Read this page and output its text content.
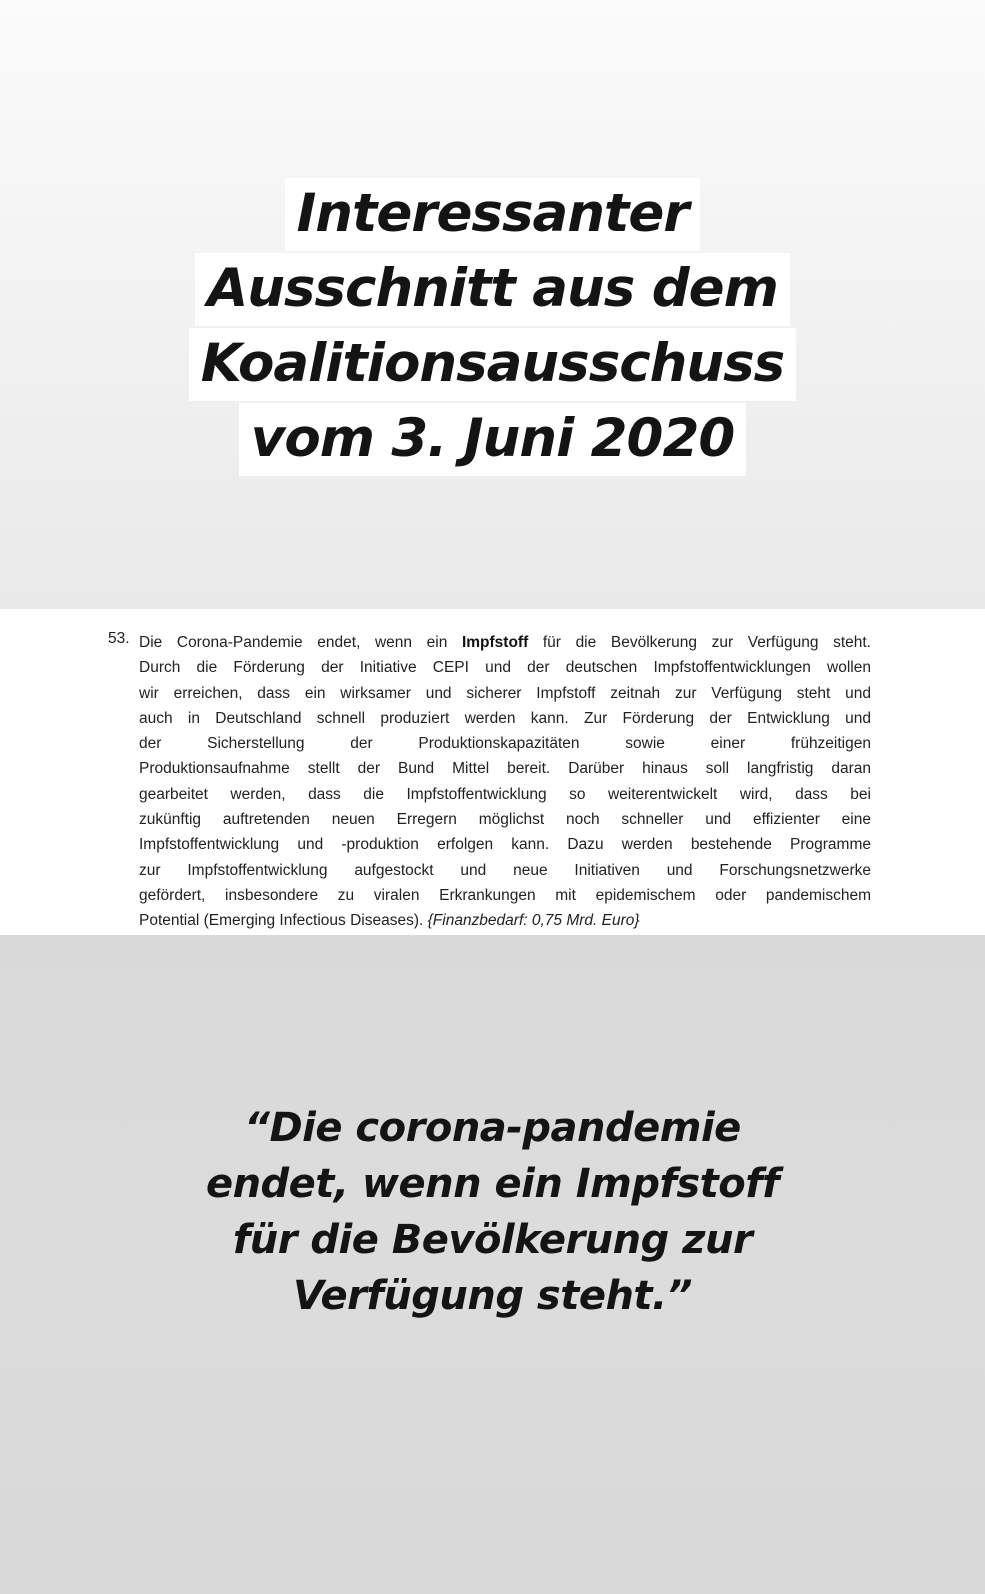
Interessanter
Ausschnitt aus dem
Koalitionsausschuss
vom 3. Juni 2020
53. Die Corona-Pandemie endet, wenn ein Impfstoff für die Bevölkerung zur Verfügung steht.
Durch die Förderung der Initiative CEPI und der deutschen Impfstoffentwicklungen wollen
wir erreichen, dass ein wirksamer und sicherer Impfstoff zeitnah zur Verfügung steht und
auch in Deutschland schnell produziert werden kann. Zur Förderung der Entwicklung und
der Sicherstellung der Produktionskapazitäten sowie einer frühzeitigen
Produktionsaufnahme stellt der Bund Mittel bereit. Darüber hinaus soll langfristig daran
gearbeitet werden, dass die Impfstoffentwicklung so weiterentwickelt wird, dass bei
zukünftig auftretenden neuen Erregern möglichst noch schneller und effizienter eine
Impfstoffentwicklung und -produktion erfolgen kann. Dazu werden bestehende Programme
zur Impfstoffentwicklung aufgestockt und neue Initiativen und Forschungsnetzwerke
gefördert, insbesondere zu viralen Erkrankungen mit epidemischem oder pandemischem
Potential (Emerging Infectious Diseases). {Finanzbedarf: 0,75 Mrd. Euro}
“Die corona-pandemie
endet, wenn ein Impfstoff
für die Bevölkerung zur
Verfügung steht.”
